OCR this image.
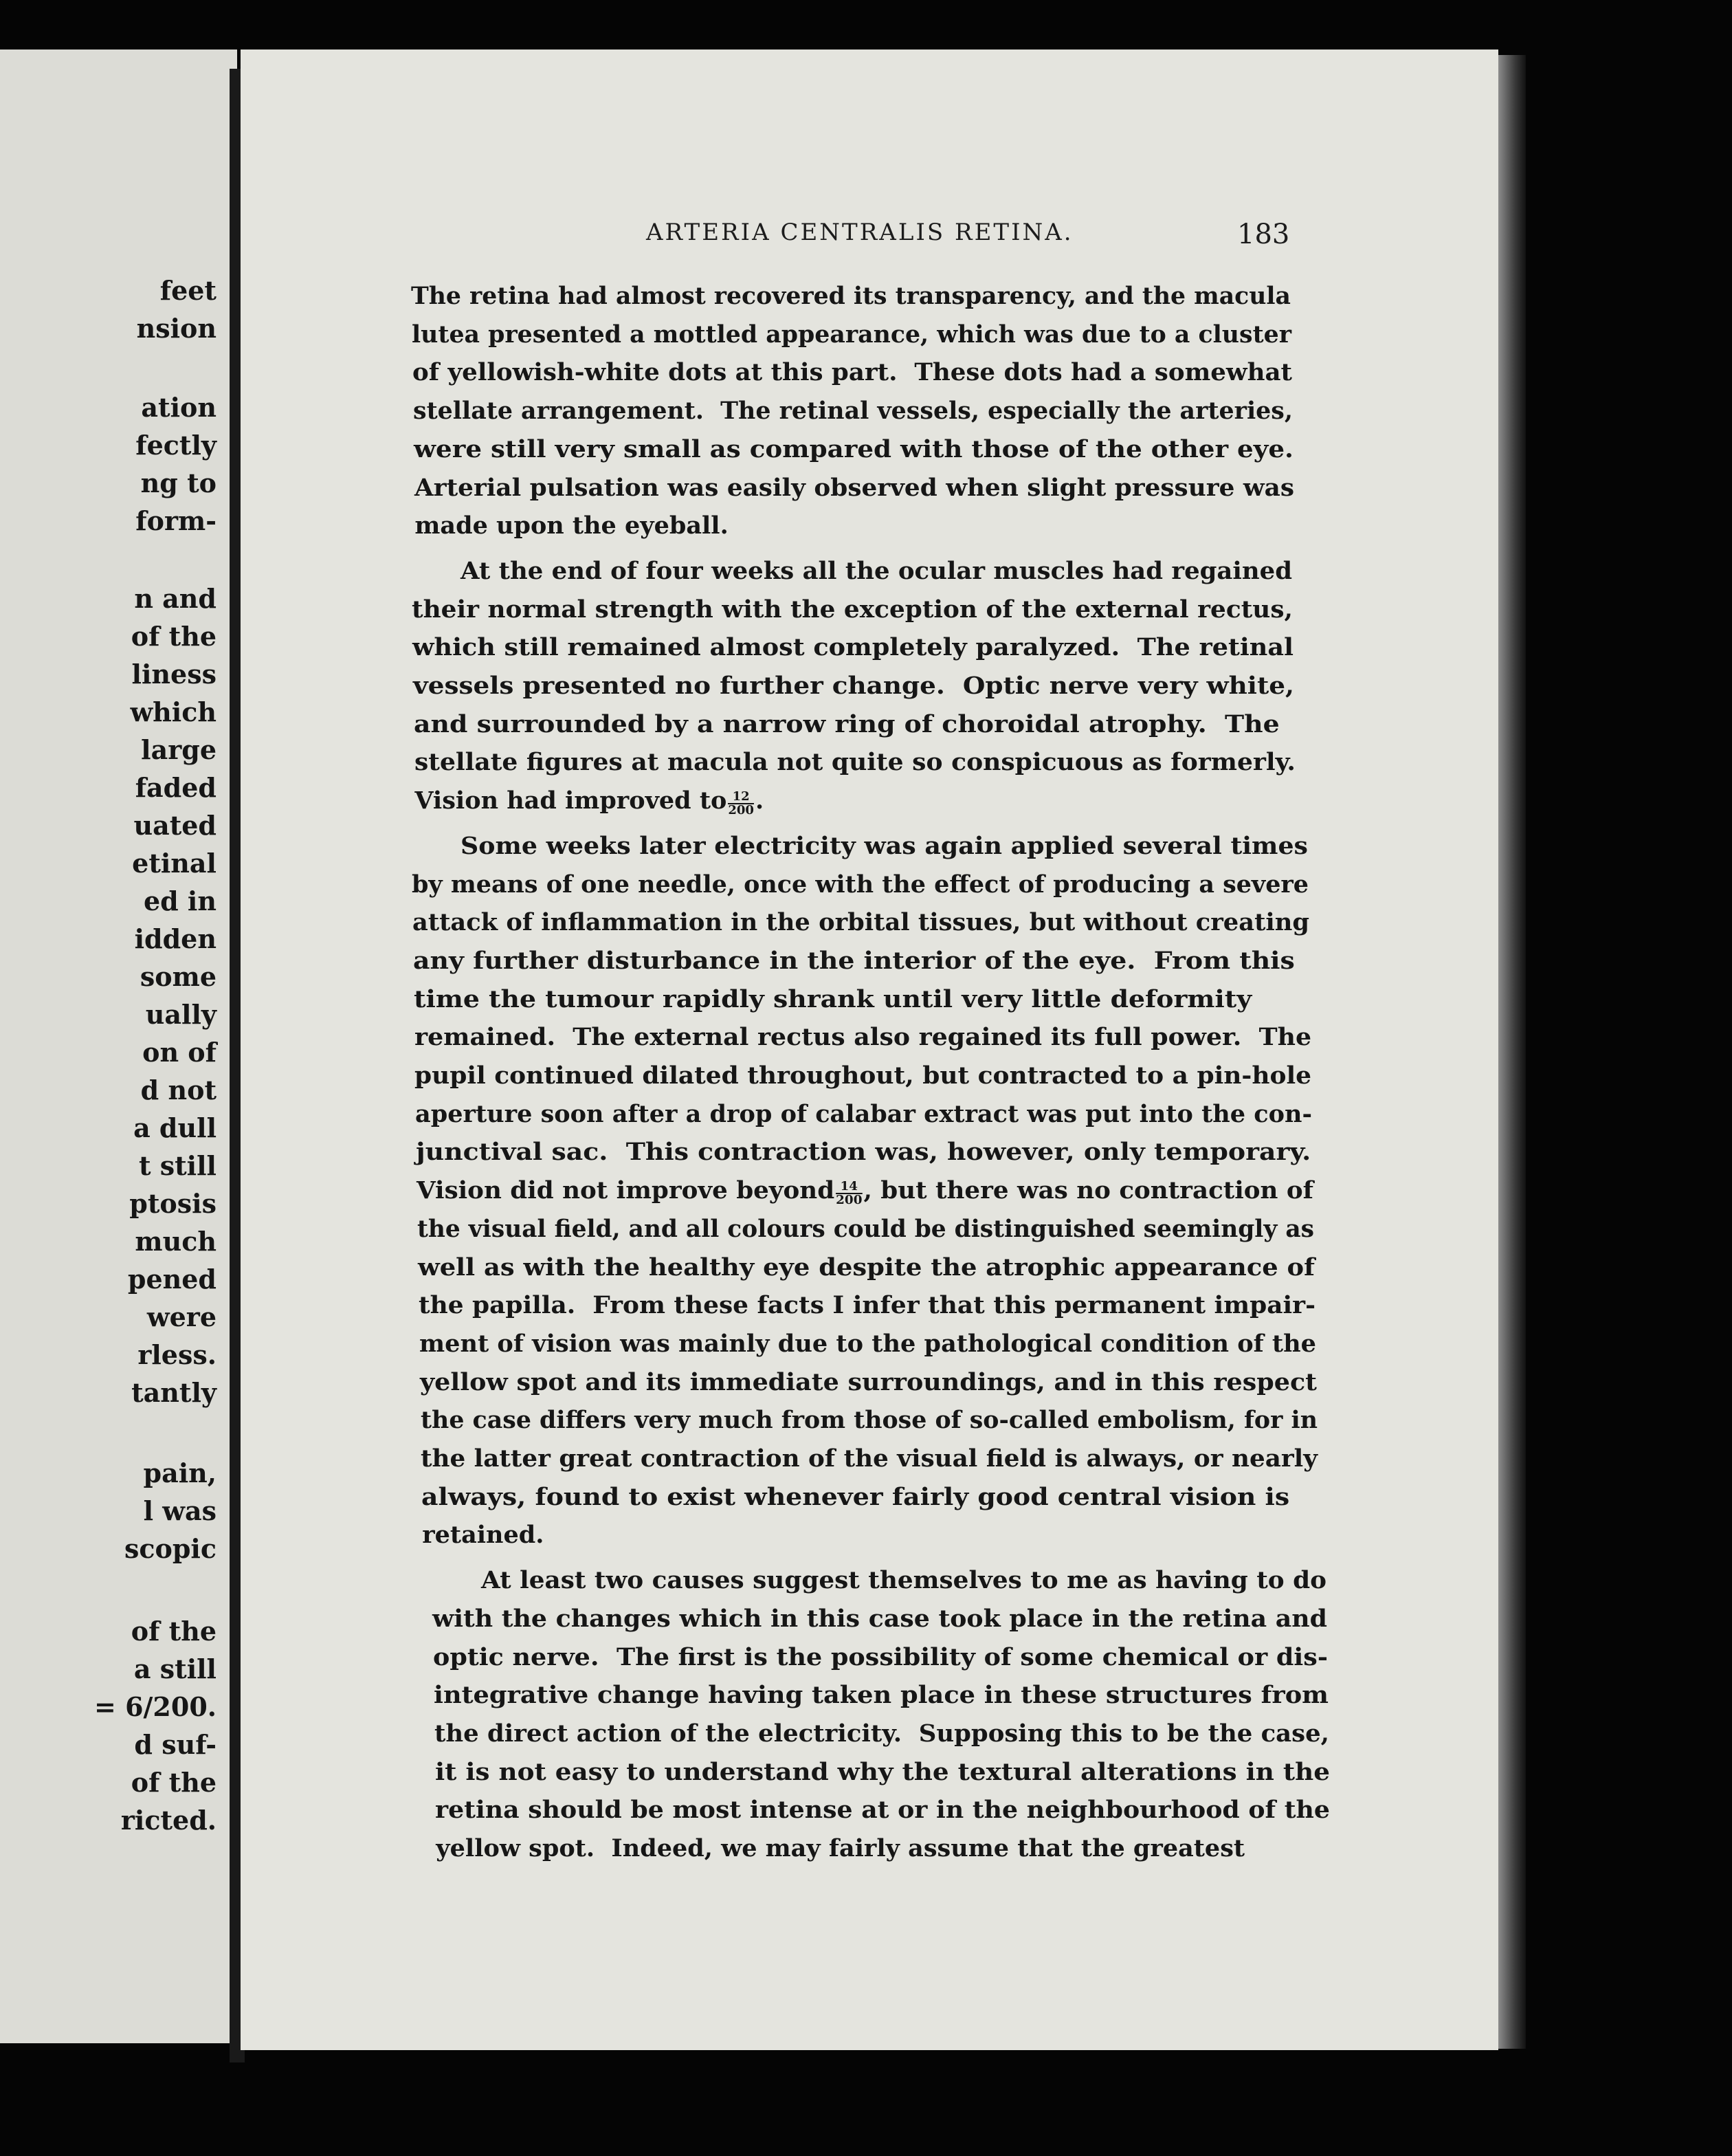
feet
nsion
ation
fectly
ng to
form-
n and
of the
liness
which
large
faded
uated
etinal
ed in
idden
some
ually
on of
d not
a dull
t still
ptosis
much
pened
were
rless.
tantly
pain,
l was
scopic
of the
a still
= 6/200.
d suf-
of the
ricted.
ARTERIA CENTRALIS RETINA.	183
The retina had almost recovered its transparency, and the macula
lutea presented a mottled appearance, which was due to a cluster
of yellowish-white dots at this part.  These dots had a somewhat
stellate arrangement.  The retinal vessels, especially the arteries,
were still very small as compared with those of the other eye.
Arterial pulsation was easily observed when slight pressure was
made upon the eyeball.
At the end of four weeks all the ocular muscles had regained
their normal strength with the exception of the external rectus,
which still remained almost completely paralyzed.  The retinal
vessels presented no further change.  Optic nerve very white,
and surrounded by a narrow ring of choroidal atrophy.  The
stellate figures at macula not quite so conspicuous as formerly.
Vision had improved to $\frac{12}{200}$ .
Some weeks later electricity was again applied several times
by means of one needle, once with the effect of producing a severe
attack of inflammation in the orbital tissues, but without creating
any further disturbance in the interior of the eye.  From this
time the tumour rapidly shrank until very little deformity
remained.  The external rectus also regained its full power.  The
pupil continued dilated throughout, but contracted to a pin-hole
aperture soon after a drop of calabar extract was put into the con-
junctival sac.  This contraction was, however, only temporary.
Vision did not improve beyond $\frac{14}{200}$ , but there was no contraction of
the visual field, and all colours could be distinguished seemingly as
well as with the healthy eye despite the atrophic appearance of
the papilla.  From these facts I infer that this permanent impair-
ment of vision was mainly due to the pathological condition of the
yellow spot and its immediate surroundings, and in this respect
the case differs very much from those of so-called embolism, for in
the latter great contraction of the visual field is always, or nearly
always, found to exist whenever fairly good central vision is
retained.
At least two causes suggest themselves to me as having to do
with the changes which in this case took place in the retina and
optic nerve.  The first is the possibility of some chemical or dis-
integrative change having taken place in these structures from
the direct action of the electricity.  Supposing this to be the case,
it is not easy to understand why the textural alterations in the
retina should be most intense at or in the neighbourhood of the
yellow spot.  Indeed, we may fairly assume that the greatest
